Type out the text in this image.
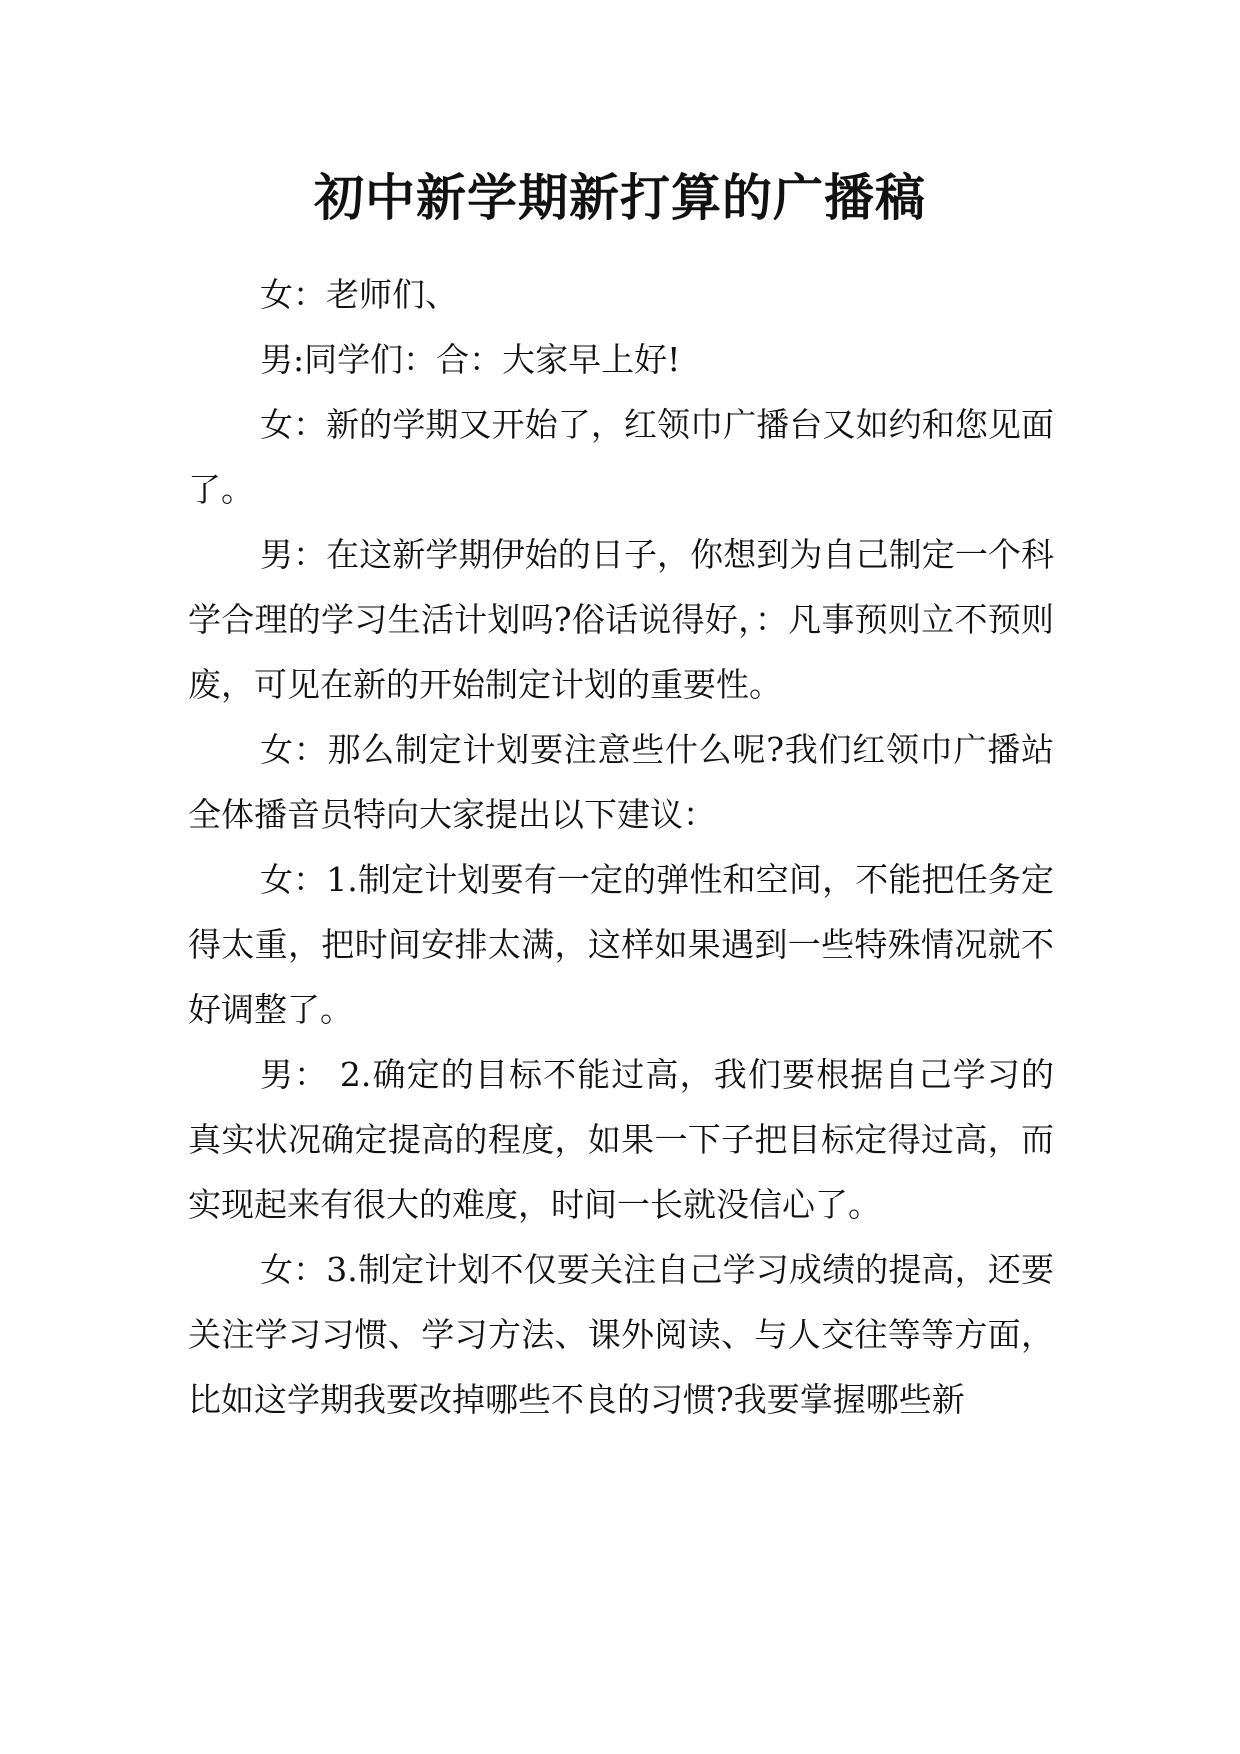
初中新学期新打算的广播稿

女：老师们、

男:同学们：合：大家早上好!

女：新的学期又开始了，红领巾广播台又如约和您见面了。

男：在这新学期伊始的日子，你想到为自己制定一个科学合理的学习生活计划吗?俗话说得好，：凡事预则立不预则废，可见在新的开始制定计划的重要性。

女：那么制定计划要注意些什么呢?我们红领巾广播站全体播音员特向大家提出以下建议：

女：1.制定计划要有一定的弹性和空间，不能把任务定得太重，把时间安排太满，这样如果遇到一些特殊情况就不好调整了。

男： 2.确定的目标不能过高，我们要根据自己学习的真实状况确定提高的程度，如果一下子把目标定得过高，而实现起来有很大的难度，时间一长就没信心了。

女：3.制定计划不仅要关注自己学习成绩的提高，还要关注学习习惯、学习方法、课外阅读、与人交往等等方面，比如这学期我要改掉哪些不良的习惯?我要掌握哪些新
